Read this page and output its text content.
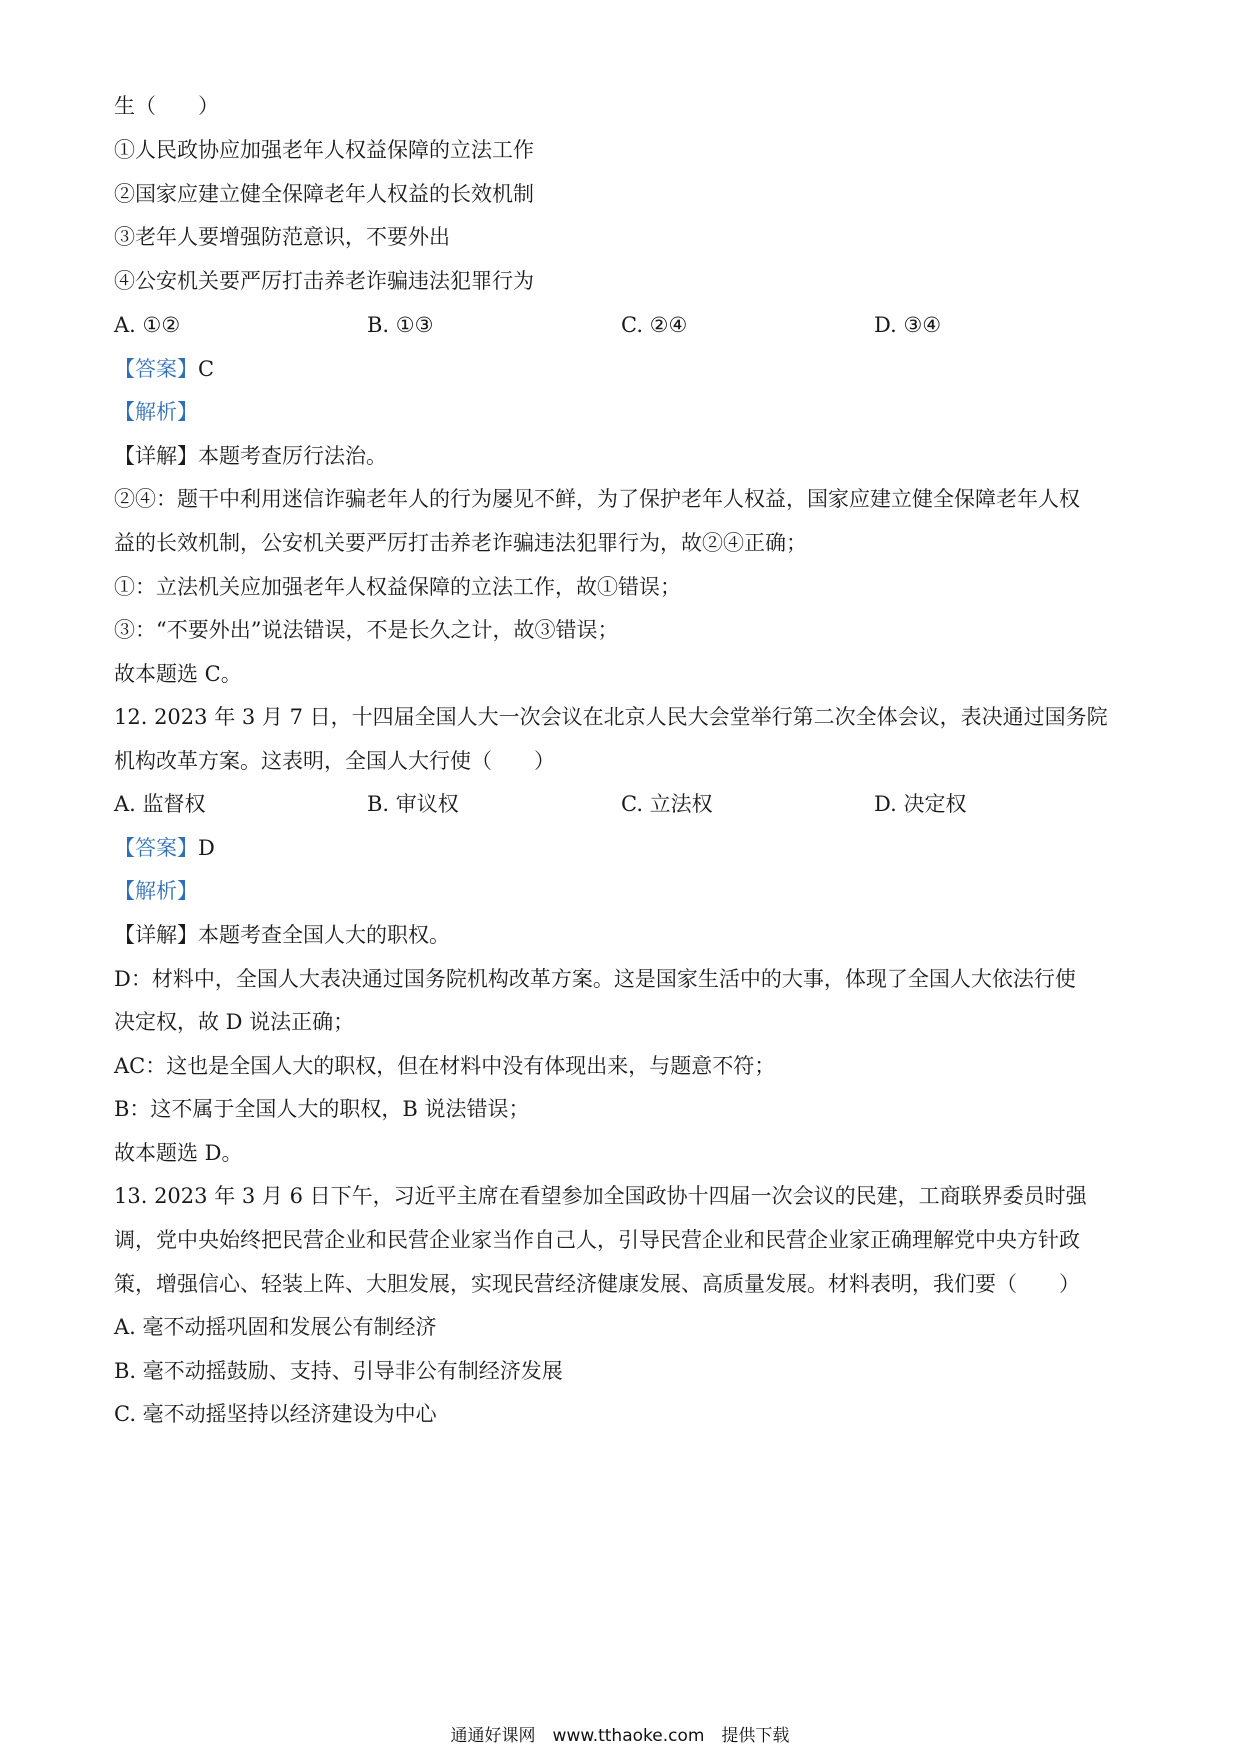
生（　　）
①人民政协应加强老年人权益保障的立法工作
②国家应建立健全保障老年人权益的长效机制
③老年人要增强防范意识，不要外出
④公安机关要严厉打击养老诈骗违法犯罪行为
A. ①②	B. ①③	C. ②④	D. ③④
【答案】C
【解析】
【详解】本题考查厉行法治。
②④：题干中利用迷信诈骗老年人的行为屡见不鲜，为了保护老年人权益，国家应建立健全保障老年人权
益的长效机制，公安机关要严厉打击养老诈骗违法犯罪行为，故②④正确；
①：立法机关应加强老年人权益保障的立法工作，故①错误；
③：“不要外出”说法错误，不是长久之计，故③错误；
故本题选 C。
12. 2023 年 3 月 7 日，十四届全国人大一次会议在北京人民大会堂举行第二次全体会议，表决通过国务院
机构改革方案。这表明，全国人大行使（　　）
A. 监督权	B. 审议权	C. 立法权	D. 决定权
【答案】D
【解析】
【详解】本题考查全国人大的职权。
D：材料中，全国人大表决通过国务院机构改革方案。这是国家生活中的大事，体现了全国人大依法行使
决定权，故 D 说法正确；
AC：这也是全国人大的职权，但在材料中没有体现出来，与题意不符；
B：这不属于全国人大的职权，B 说法错误；
故本题选 D。
13. 2023 年 3 月 6 日下午，习近平主席在看望参加全国政协十四届一次会议的民建，工商联界委员时强
调，党中央始终把民营企业和民营企业家当作自己人，引导民营企业和民营企业家正确理解党中央方针政
策，增强信心、轻装上阵、大胆发展，实现民营经济健康发展、高质量发展。材料表明，我们要（　　）
A. 毫不动摇巩固和发展公有制经济
B. 毫不动摇鼓励、支持、引导非公有制经济发展
C. 毫不动摇坚持以经济建设为中心
通通好课网　www.tthaoke.com　提供下载
